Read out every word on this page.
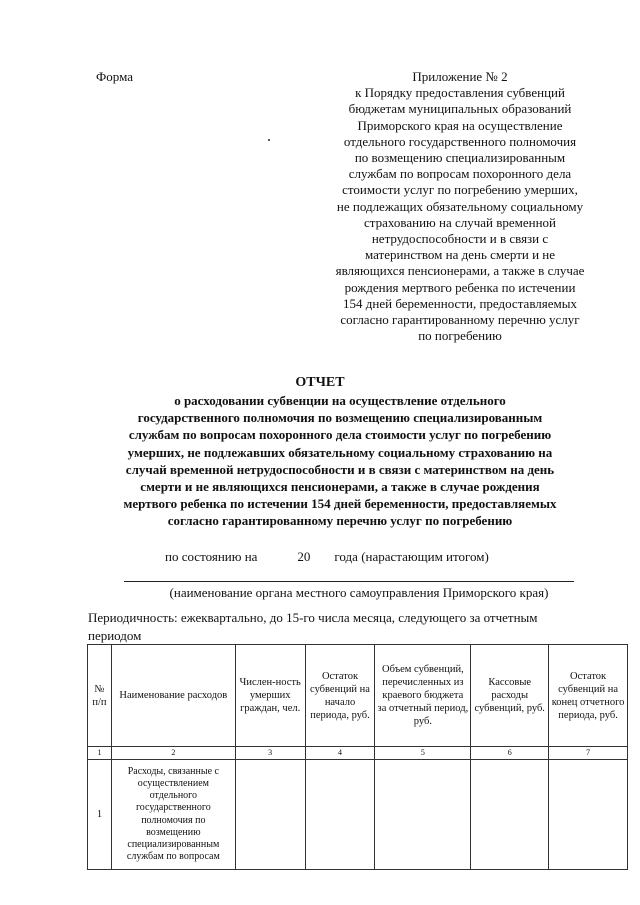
Форма	Приложение № 2
к Порядку предоставления субвенций
бюджетам муниципальных образований
Приморского края на осуществление
отдельного государственного полномочия
по возмещению специализированным
службам по вопросам похоронного дела
стоимости услуг по погребению умерших,
не подлежащих обязательному социальному
страхованию на случай временной
нетрудоспособности и в связи с
материнством на день смерти и не
являющихся пенсионерами, а также в случае
рождения мертвого ребенка по истечении
154 дней беременности, предоставляемых
согласно гарантированному перечню услуг
по погребению
ОТЧЕТ
о расходовании субвенции на осуществление отдельного
государственного полномочия по возмещению специализированным
службам по вопросам похоронного дела стоимости услуг по погребению
умерших, не подлежавших обязательному социальному страхованию на
случай временной нетрудоспособности и в связи с материнством на день
смерти и не являющихся пенсионерами, а также в случае рождения
мертвого ребенка по истечении 154 дней беременности, предоставляемых
согласно гарантированному перечню услуг по погребению
по состоянию на	20 года (нарастающим итогом)
(наименование органа местного самоуправления Приморского края)
Периодичность: ежеквартально, до 15-го числа месяца, следующего за отчетным периодом
№ п/п	Наименование расходов	Числен-ность умерших граждан, чел.	Остаток субвенций на начало периода, руб.	Объем субвенций, перечисленных из краевого бюджета за отчетный период, руб.	Кассовые расходы субвенций, руб.	Остаток субвенций на конец отчетного периода, руб.
1	2	3	4	5	6	7
1	Расходы, связанные с осуществлением отдельного государственного полномочия по возмещению специализированным службам по вопросам					
